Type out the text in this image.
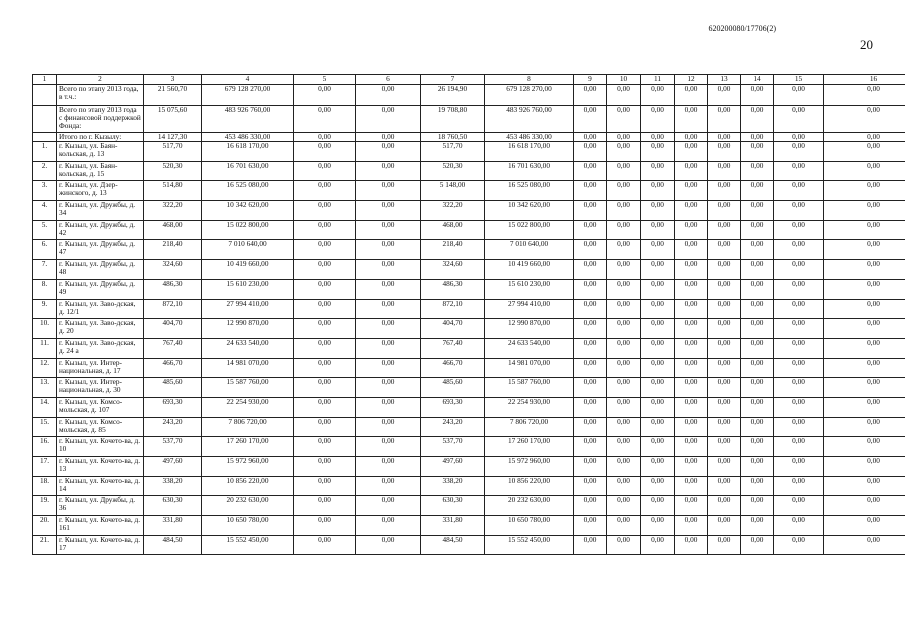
620200080/17706(2)
20
1	2	3	4	5	6	7	8	9	10	11	12	13	14	15	16
	Всего по этапу 2013 года, в т.ч.:	21 560,70	679 128 270,00	0,00	0,00	26 194,90	679 128 270,00	0,00	0,00	0,00	0,00	0,00	0,00	0,00	0,00
	Всего по этапу 2013 года с финансовой поддержкой Фонда:	15 075,60	483 926 760,00	0,00	0,00	19 708,80	483 926 760,00	0,00	0,00	0,00	0,00	0,00	0,00	0,00	0,00
	Итого по г. Кызылу:	14 127,30	453 486 330,00	0,00	0,00	18 760,50	453 486 330,00	0,00	0,00	0,00	0,00	0,00	0,00	0,00	0,00
1.	г. Кызыл, ул. Баян-кольская, д. 13	517,70	16 618 170,00	0,00	0,00	517,70	16 618 170,00	0,00	0,00	0,00	0,00	0,00	0,00	0,00	0,00
2.	г. Кызыл, ул. Баян-кольская, д. 15	520,30	16 701 630,00	0,00	0,00	520,30	16 701 630,00	0,00	0,00	0,00	0,00	0,00	0,00	0,00	0,00
3.	г. Кызыл, ул. Дзер-жинского, д. 13	514,80	16 525 080,00	0,00	0,00	5 148,00	16 525 080,00	0,00	0,00	0,00	0,00	0,00	0,00	0,00	0,00
4.	г. Кызыл, ул. Дружбы, д. 34	322,20	10 342 620,00	0,00	0,00	322,20	10 342 620,00	0,00	0,00	0,00	0,00	0,00	0,00	0,00	0,00
5.	г. Кызыл, ул. Дружбы, д. 42	468,00	15 022 800,00	0,00	0,00	468,00	15 022 800,00	0,00	0,00	0,00	0,00	0,00	0,00	0,00	0,00
6.	г. Кызыл, ул. Дружбы, д. 47	218,40	7 010 640,00	0,00	0,00	218,40	7 010 640,00	0,00	0,00	0,00	0,00	0,00	0,00	0,00	0,00
7.	г. Кызыл, ул. Дружбы, д. 48	324,60	10 419 660,00	0,00	0,00	324,60	10 419 660,00	0,00	0,00	0,00	0,00	0,00	0,00	0,00	0,00
8.	г. Кызыл, ул. Дружбы, д. 49	486,30	15 610 230,00	0,00	0,00	486,30	15 610 230,00	0,00	0,00	0,00	0,00	0,00	0,00	0,00	0,00
9.	г. Кызыл, ул. Заво-дская, д. 12/1	872,10	27 994 410,00	0,00	0,00	872,10	27 994 410,00	0,00	0,00	0,00	0,00	0,00	0,00	0,00	0,00
10.	г. Кызыл, ул. Заво-дская, д. 20	404,70	12 990 870,00	0,00	0,00	404,70	12 990 870,00	0,00	0,00	0,00	0,00	0,00	0,00	0,00	0,00
11.	г. Кызыл, ул. Заво-дская, д. 24 а	767,40	24 633 540,00	0,00	0,00	767,40	24 633 540,00	0,00	0,00	0,00	0,00	0,00	0,00	0,00	0,00
12.	г. Кызыл, ул. Интер-национальная, д. 17	466,70	14 981 070,00	0,00	0,00	466,70	14 981 070,00	0,00	0,00	0,00	0,00	0,00	0,00	0,00	0,00
13.	г. Кызыл, ул. Интер-национальная, д. 30	485,60	15 587 760,00	0,00	0,00	485,60	15 587 760,00	0,00	0,00	0,00	0,00	0,00	0,00	0,00	0,00
14.	г. Кызыл, ул. Комсо-мольская, д. 107	693,30	22 254 930,00	0,00	0,00	693,30	22 254 930,00	0,00	0,00	0,00	0,00	0,00	0,00	0,00	0,00
15.	г. Кызыл, ул. Комсо-мольская, д. 85	243,20	7 806 720,00	0,00	0,00	243,20	7 806 720,00	0,00	0,00	0,00	0,00	0,00	0,00	0,00	0,00
16.	г. Кызыл, ул. Кочето-ва, д. 10	537,70	17 260 170,00	0,00	0,00	537,70	17 260 170,00	0,00	0,00	0,00	0,00	0,00	0,00	0,00	0,00
17.	г. Кызыл, ул. Кочето-ва, д. 13	497,60	15 972 960,00	0,00	0,00	497,60	15 972 960,00	0,00	0,00	0,00	0,00	0,00	0,00	0,00	0,00
18.	г. Кызыл, ул. Кочето-ва, д. 14	338,20	10 856 220,00	0,00	0,00	338,20	10 856 220,00	0,00	0,00	0,00	0,00	0,00	0,00	0,00	0,00
19.	г. Кызыл, ул. Дружбы, д. 36	630,30	20 232 630,00	0,00	0,00	630,30	20 232 630,00	0,00	0,00	0,00	0,00	0,00	0,00	0,00	0,00
20.	г. Кызыл, ул. Кочето-ва, д. 161	331,80	10 650 780,00	0,00	0,00	331,80	10 650 780,00	0,00	0,00	0,00	0,00	0,00	0,00	0,00	0,00
21.	г. Кызыл, ул. Кочето-ва, д. 17	484,50	15 552 450,00	0,00	0,00	484,50	15 552 450,00	0,00	0,00	0,00	0,00	0,00	0,00	0,00	0,00
